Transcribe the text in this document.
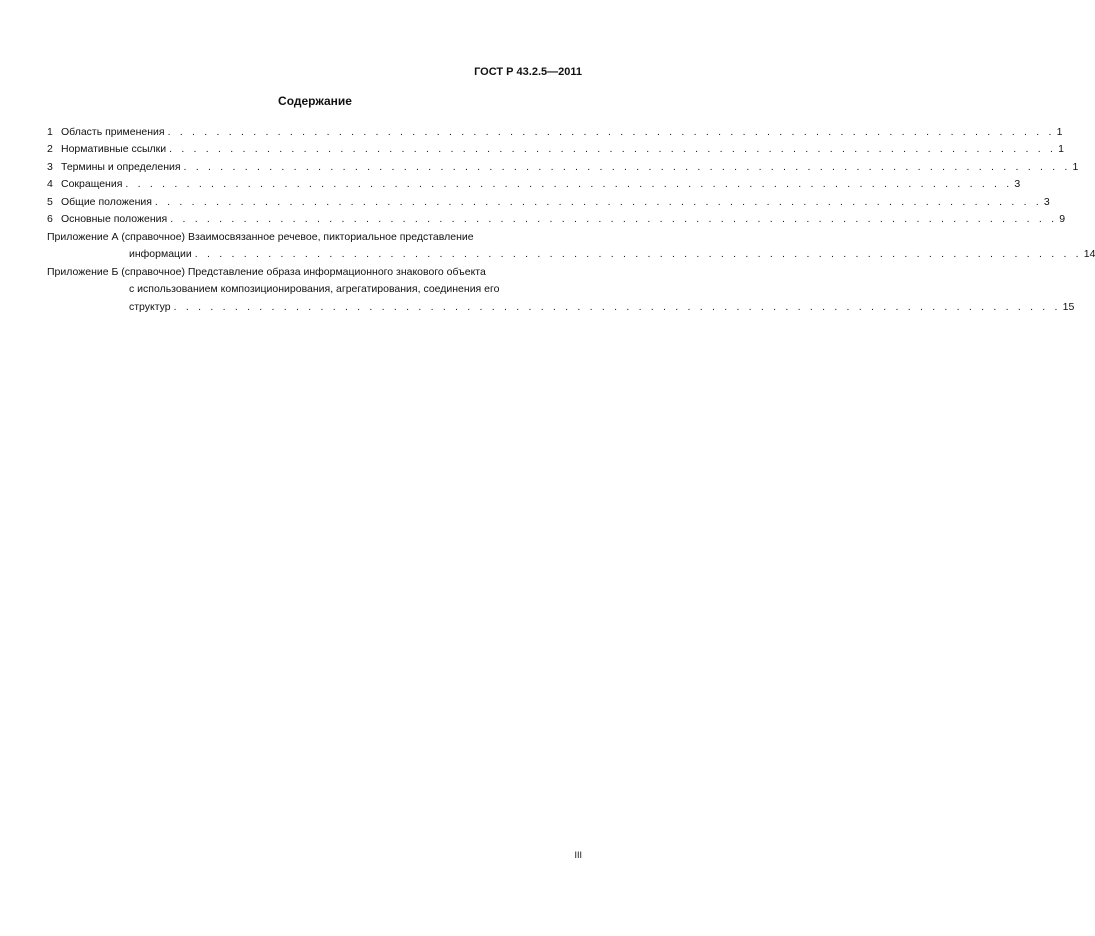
ГОСТ Р 43.2.5—2011
Содержание
1 Область применения . . . . . . . . . . . . . . . . . . . . . . . . . . . . . . . . . . . . . . . . . . . . . . . . . . . . . . . . . . . . . . . . . . . . . . . . . 1
2 Нормативные ссылки . . . . . . . . . . . . . . . . . . . . . . . . . . . . . . . . . . . . . . . . . . . . . . . . . . . . . . . . . . . . . . . . . . . . . . . . . 1
3 Термины и определения . . . . . . . . . . . . . . . . . . . . . . . . . . . . . . . . . . . . . . . . . . . . . . . . . . . . . . . . . . . . . . . . . . . . . . . . . 1
4 Сокращения . . . . . . . . . . . . . . . . . . . . . . . . . . . . . . . . . . . . . . . . . . . . . . . . . . . . . . . . . . . . . . . . . . . . . . . . . 3
5 Общие положения . . . . . . . . . . . . . . . . . . . . . . . . . . . . . . . . . . . . . . . . . . . . . . . . . . . . . . . . . . . . . . . . . . . . . . . . . 3
6 Основные положения . . . . . . . . . . . . . . . . . . . . . . . . . . . . . . . . . . . . . . . . . . . . . . . . . . . . . . . . . . . . . . . . . . . . . . . . . 9
Приложение А (справочное) Взаимосвязанное речевое, пикториальное представление
информации . . . . . . . . . . . . . . . . . . . . . . . . . . . . . . . . . . . . . . . . . . . . . . . . . . . . . . . . . . . . . . . . . . . . . . . . . 14
Приложение Б (справочное) Представление образа информационного знакового объекта
с использованием композиционирования, агрегатирования, соединения его
структур . . . . . . . . . . . . . . . . . . . . . . . . . . . . . . . . . . . . . . . . . . . . . . . . . . . . . . . . . . . . . . . . . . . . . . . . . 15
III
